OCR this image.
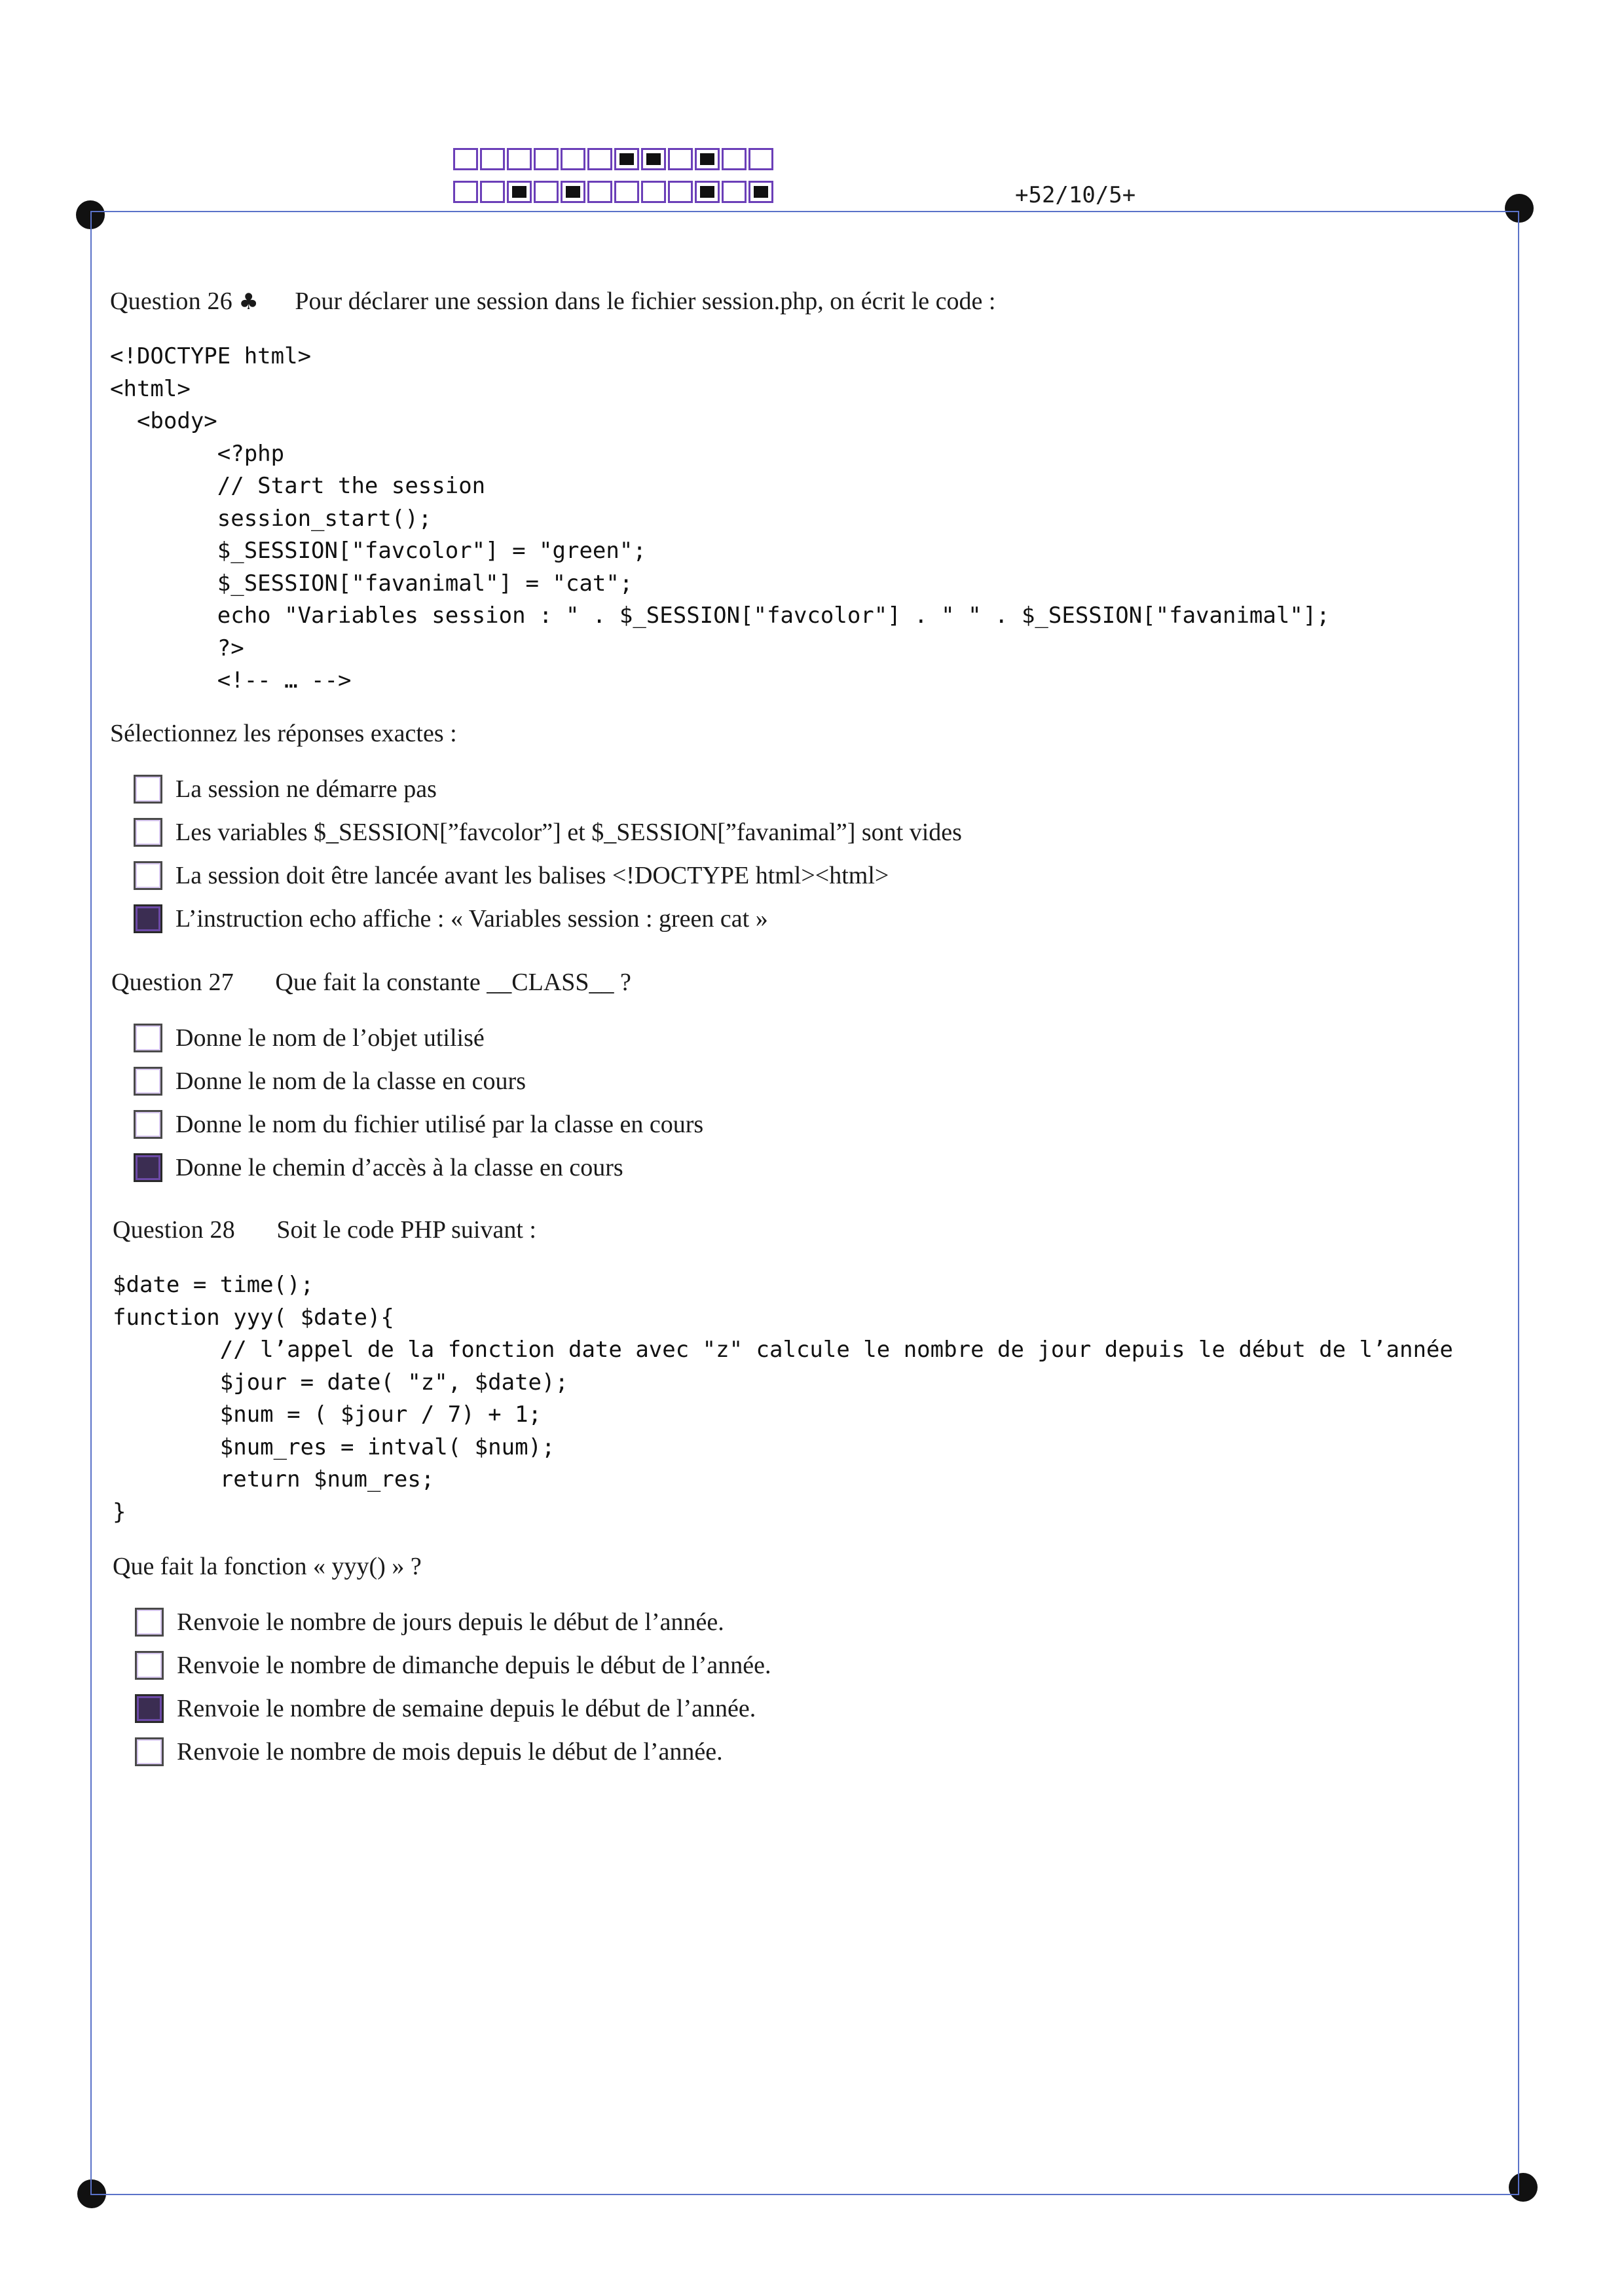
+52/10/5+
Question 26 ♣ Pour déclarer une session dans le fichier session.php, on écrit le code :
<!DOCTYPE html>
<html>
<body>
<?php
// Start the session
session_start();
$_SESSION["favcolor"] = "green";
$_SESSION["favanimal"] = "cat";
echo "Variables session : " . $_SESSION["favcolor"] . " " . $_SESSION["favanimal"];
?>
<!-- … -->
Sélectionnez les réponses exactes :
La session ne démarre pas
Les variables $_SESSION[”favcolor”] et $_SESSION[”favanimal”] sont vides
La session doit être lancée avant les balises <!DOCTYPE html><html>
L’instruction echo affiche : « Variables session : green cat »
Question 27 Que fait la constante __CLASS__ ?
Donne le nom de l’objet utilisé
Donne le nom de la classe en cours
Donne le nom du fichier utilisé par la classe en cours
Donne le chemin d’accès à la classe en cours
Question 28 Soit le code PHP suivant :
$date = time();
function yyy( $date){
// l’appel de la fonction date avec "z" calcule le nombre de jour depuis le début de l’année
$jour = date( "z", $date);
$num = ( $jour / 7) + 1;
$num_res = intval( $num);
return $num_res;
}
Que fait la fonction « yyy() » ?
Renvoie le nombre de jours depuis le début de l’année.
Renvoie le nombre de dimanche depuis le début de l’année.
Renvoie le nombre de semaine depuis le début de l’année.
Renvoie le nombre de mois depuis le début de l’année.
